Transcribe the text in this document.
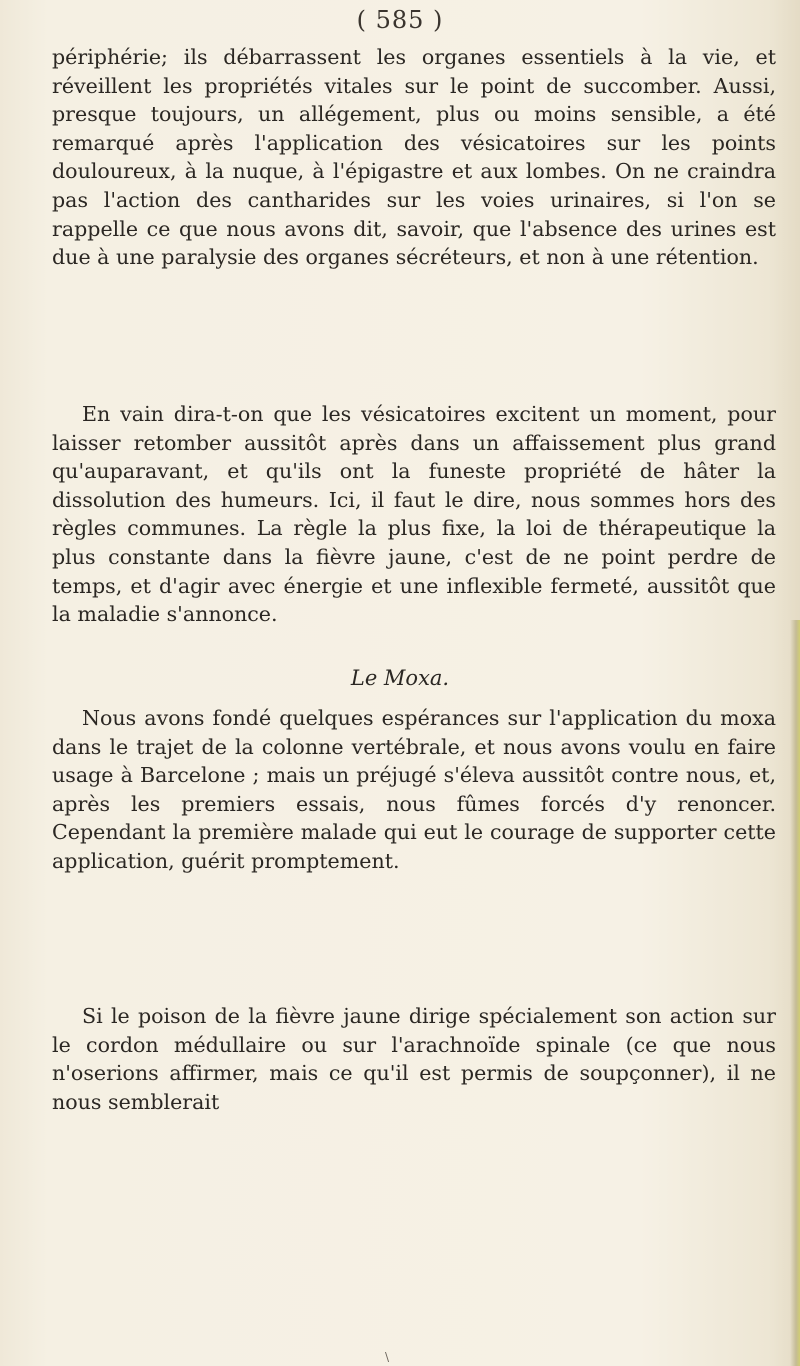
( 585 )

périphérie; ils débarrassent les organes essentiels à la vie, et réveillent les propriétés vitales sur le point de succomber. Aussi, presque toujours, un allégement, plus ou moins sensible, a été remarqué après l'application des vésicatoires sur les points douloureux, à la nuque, à l'épigastre et aux lombes. On ne craindra pas l'action des cantharides sur les voies urinaires, si l'on se rappelle ce que nous avons dit, savoir, que l'absence des urines est due à une paralysie des organes sécréteurs, et non à une rétention.

En vain dira-t-on que les vésicatoires excitent un moment, pour laisser retomber aussitôt après dans un affaissement plus grand qu'auparavant, et qu'ils ont la funeste propriété de hâter la dissolution des humeurs. Ici, il faut le dire, nous sommes hors des règles communes. La règle la plus fixe, la loi de thérapeutique la plus constante dans la fièvre jaune, c'est de ne point perdre de temps, et d'agir avec énergie et une inflexible fermeté, aussitôt que la maladie s'annonce.

Le Moxa.

Nous avons fondé quelques espérances sur l'application du moxa dans le trajet de la colonne vertébrale, et nous avons voulu en faire usage à Barcelone ; mais un préjugé s'éleva aussitôt contre nous, et, après les premiers essais, nous fûmes forcés d'y renoncer. Cependant la première malade qui eut le courage de supporter cette application, guérit promptement.

Si le poison de la fièvre jaune dirige spécialement son action sur le cordon médullaire ou sur l'arachnoïde spinale (ce que nous n'oserions affirmer, mais ce qu'il est permis de soupçonner), il ne nous semblerait

\
